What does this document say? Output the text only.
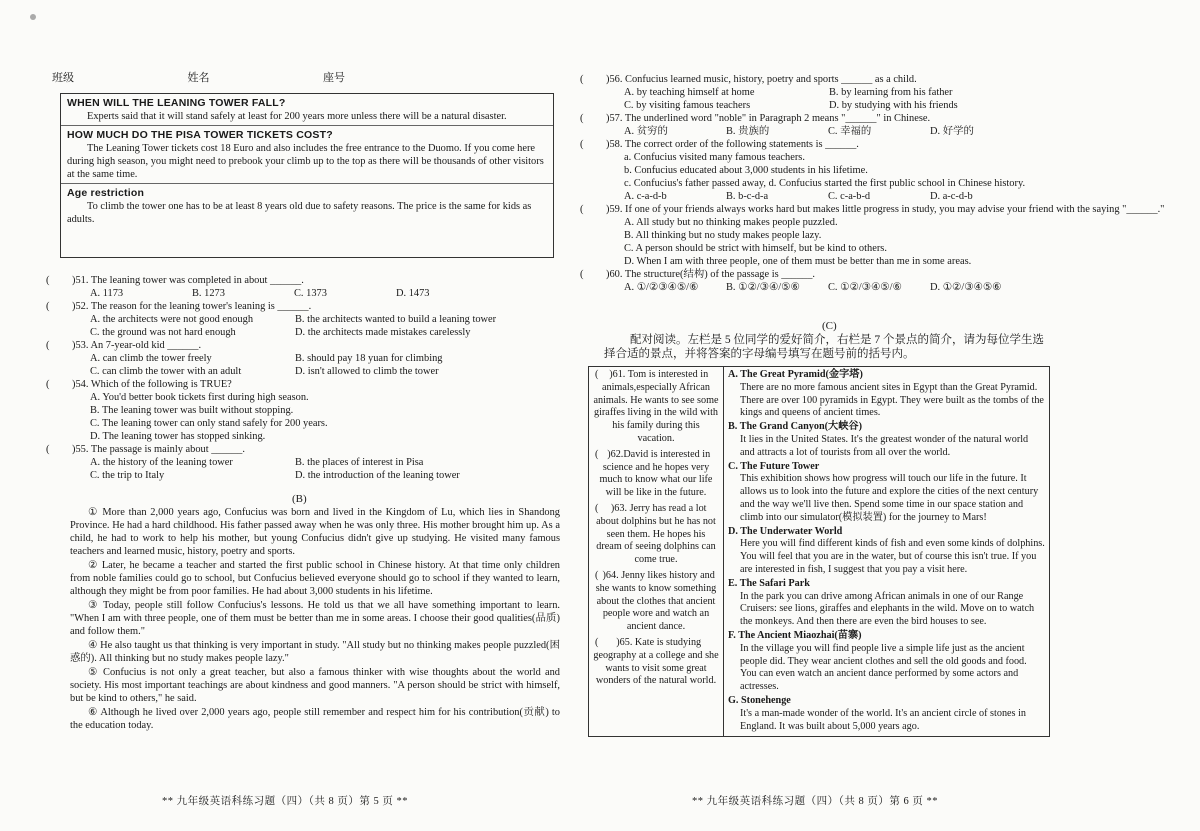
班级	姓名	座号
WHEN WILL THE LEANING TOWER FALL?

Experts said that it will stand safely at least for 200 years more unless there will be a natural disaster.

HOW MUCH DO THE PISA TOWER TICKETS COST?

The Leaning Tower tickets cost 18 Euro and also includes the free entrance to the Duomo. If you come here during high season, you might need to prebook your climb up to the top as there will be thousands of other visitors at the same time.

Age restriction

To climb the tower one has to be at least 8 years old due to safety reasons. The price is the same for kids as adults.

( )51. The leaning tower was completed in about ______.
A. 1173	B. 1273	C. 1373	D. 1473
( )52. The reason for the leaning tower's leaning is ______.
A. the architects were not good enough	B. the architects wanted to build a leaning tower
C. the ground was not hard enough	D. the architects made mistakes carelessly
( )53. An 7-year-old kid ______.
A. can climb the tower freely	B. should pay 18 yuan for climbing
C. can climb the tower with an adult	D. isn't allowed to climb the tower
( )54. Which of the following is TRUE?
A. You'd better book tickets first during high season.
B. The leaning tower was built without stopping.
C. The leaning tower can only stand safely for 200 years.
D. The leaning tower has stopped sinking.
( )55. The passage is mainly about ______.
A. the history of the leaning tower	B. the places of interest in Pisa
C. the trip to Italy	D. the introduction of the leaning tower
(B)

① More than 2,000 years ago, Confucius was born and lived in the Kingdom of Lu, which lies in Shandong Province. He had a hard childhood. His father passed away when he was only three. His mother brought him up. As a child, he had to work to help his mother, but young Confucius didn't give up studying. He visited many famous teachers and learned music, history, poetry and sports.

② Later, he became a teacher and started the first public school in Chinese history. At that time only children from noble families could go to school, but Confucius believed everyone should go to school if they wanted to learn, although they might be from poor families. He had about 3,000 students in his lifetime.

③ Today, people still follow Confucius's lessons. He told us that we all have something important to learn. "When I am with three people, one of them must be better than me in some areas. I choose their good qualities(品质) and follow them."

④ He also taught us that thinking is very important in study. "All study but no thinking makes people puzzled(困惑的). All thinking but no study makes people lazy."

⑤ Confucius is not only a great teacher, but also a famous thinker with wise thoughts about the world and society. His most important teachings are about kindness and good manners. "A person should be strict with himself, but be kind to others," he said.

⑥ Although he lived over 2,000 years ago, people still remember and respect him for his contribution(贡献) to the education today.

** 九年级英语科练习题（四）（共 8 页）第 5 页 **
( )56. Confucius learned music, history, poetry and sports ______ as a child.
A. by teaching himself at home	B. by learning from his father
C. by visiting famous teachers	D. by studying with his friends
( )57. The underlined word "noble" in Paragraph 2 means "______" in Chinese.
A. 贫穷的	B. 贵族的	C. 幸福的	D. 好学的
( )58. The correct order of the following statements is ______.
a. Confucius visited many famous teachers.
b. Confucius educated about 3,000 students in his lifetime.
c. Confucius's father passed away, d. Confucius started the first public school in Chinese history.
A. c-a-d-b	B. b-c-d-a	C. c-a-b-d	D. a-c-d-b
( )59. If one of your friends always works hard but makes little progress in study, you may advise your friend with the saying "______."
A. All study but no thinking makes people puzzled.
B. All thinking but no study makes people lazy.
C. A person should be strict with himself, but be kind to others.
D. When I am with three people, one of them must be better than me in some areas.
( )60. The structure(结构) of the passage is ______.
A. ①/②③④⑤/⑥	B. ①②/③④/⑤⑥	C. ①②/③④⑤/⑥	D. ①②/③④⑤⑥
(C)
** 九年级英语科练习题（四）（共 8 页）第 6 页 **

配对阅读。左栏是 5 位同学的爱好简介，右栏是 7 个景点的简介，请为每位学生选择合适的景点，并将答案的字母编号填写在题号前的括号内。

( )61. Tom is interested in animals,especially African animals. He wants to see some giraffes living in the wild with his family during this vacation.
( )62.David is interested in science and he hopes very much to know what our life will be like in the future.
( )63. Jerry has read a lot about dolphins but he has not seen them. He hopes his dream of seeing dolphins can come true.
( )64. Jenny likes history and she wants to know something about the clothes that ancient people wore and watch an ancient dance.
( )65. Kate is studying geography at a college and she wants to visit some great wonders of the natural world.

A. The Great Pyramid(金字塔)
There are no more famous ancient sites in Egypt than the Great Pyramid. There are over 100 pyramids in Egypt. They were built as the tombs of the kings and queens of ancient times.
B. The Grand Canyon(大峡谷)
It lies in the United States. It's the greatest wonder of the natural world and attracts a lot of tourists from all over the world.
C. The Future Tower
This exhibition shows how progress will touch our life in the future. It allows us to look into the future and explore the cities of the next century and the way we'll live then. Spend some time in our space station and climb into our simulator(模拟装置) for the journey to Mars!
D. The Underwater World
Here you will find different kinds of fish and even some kinds of dolphins. You will feel that you are in the water, but of course this isn't true. If you are interested in fish, I suggest that you pay a visit here.
E. The Safari Park
In the park you can drive among African animals in one of our Range Cruisers: see lions, giraffes and elephants in the wild. Move on to watch the monkeys. And then there are even the bird houses to see.
F. The Ancient Miaozhai(苗寨)
In the village you will find people live a simple life just as the ancient people did. They wear ancient clothes and sell the old goods and food. You can even watch an ancient dance performed by some actors and actresses.
G. Stonehenge
It's a man-made wonder of the world. It's an ancient circle of stones in England. It was built about 5,000 years ago.
